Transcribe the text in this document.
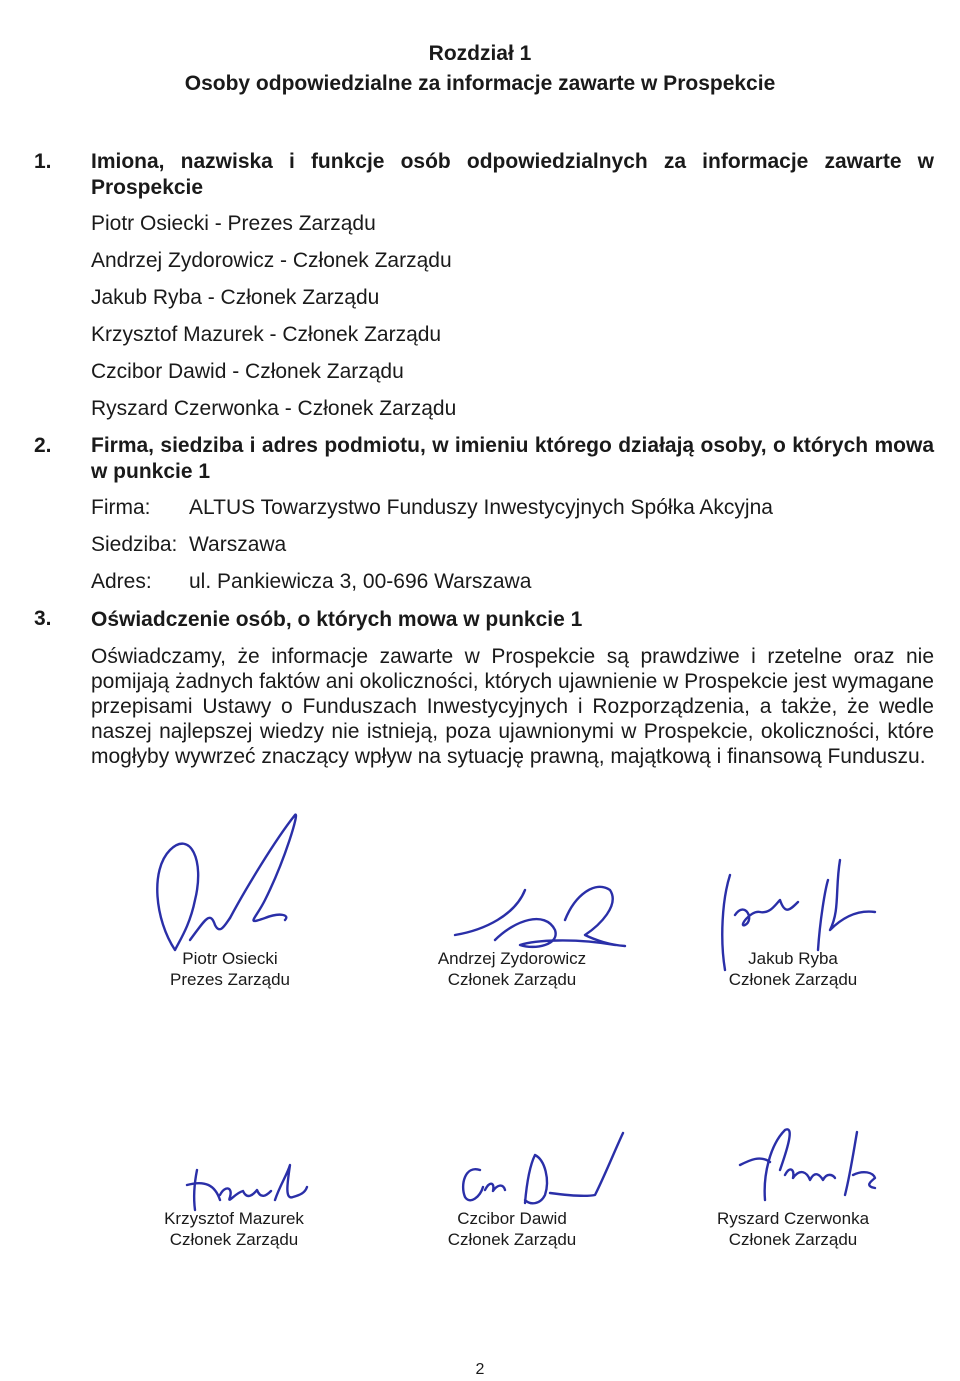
Rozdział 1
Osoby odpowiedzialne za informacje zawarte w Prospekcie
1. Imiona, nazwiska i funkcje osób odpowiedzialnych za informacje zawarte w Prospekcie
Piotr Osiecki - Prezes Zarządu
Andrzej Zydorowicz - Członek Zarządu
Jakub Ryba - Członek Zarządu
Krzysztof Mazurek - Członek Zarządu
Czcibor Dawid - Członek Zarządu
Ryszard Czerwonka - Członek Zarządu
2. Firma, siedziba i adres podmiotu, w imieniu którego działają osoby, o których mowa w punkcie 1
Firma: ALTUS Towarzystwo Funduszy Inwestycyjnych Spółka Akcyjna
Siedziba: Warszawa
Adres: ul. Pankiewicza 3, 00-696 Warszawa
3. Oświadczenie osób, o których mowa w punkcie 1
Oświadczamy, że informacje zawarte w Prospekcie są prawdziwe i rzetelne oraz nie pomijają żadnych faktów ani okoliczności, których ujawnienie w Prospekcie jest wymagane przepisami Ustawy o Funduszach Inwestycyjnych i Rozporządzenia, a także, że wedle naszej najlepszej wiedzy nie istnieją, poza ujawnionymi w Prospekcie, okoliczności, które mogłyby wywrzeć znaczący wpływ na sytuację prawną, majątkową i finansową Funduszu.
Piotr Osiecki
Prezes Zarządu
Andrzej Zydorowicz
Członek Zarządu
Jakub Ryba
Członek Zarządu
Krzysztof Mazurek
Członek Zarządu
Czcibor Dawid
Członek Zarządu
Ryszard Czerwonka
Członek Zarządu
2
